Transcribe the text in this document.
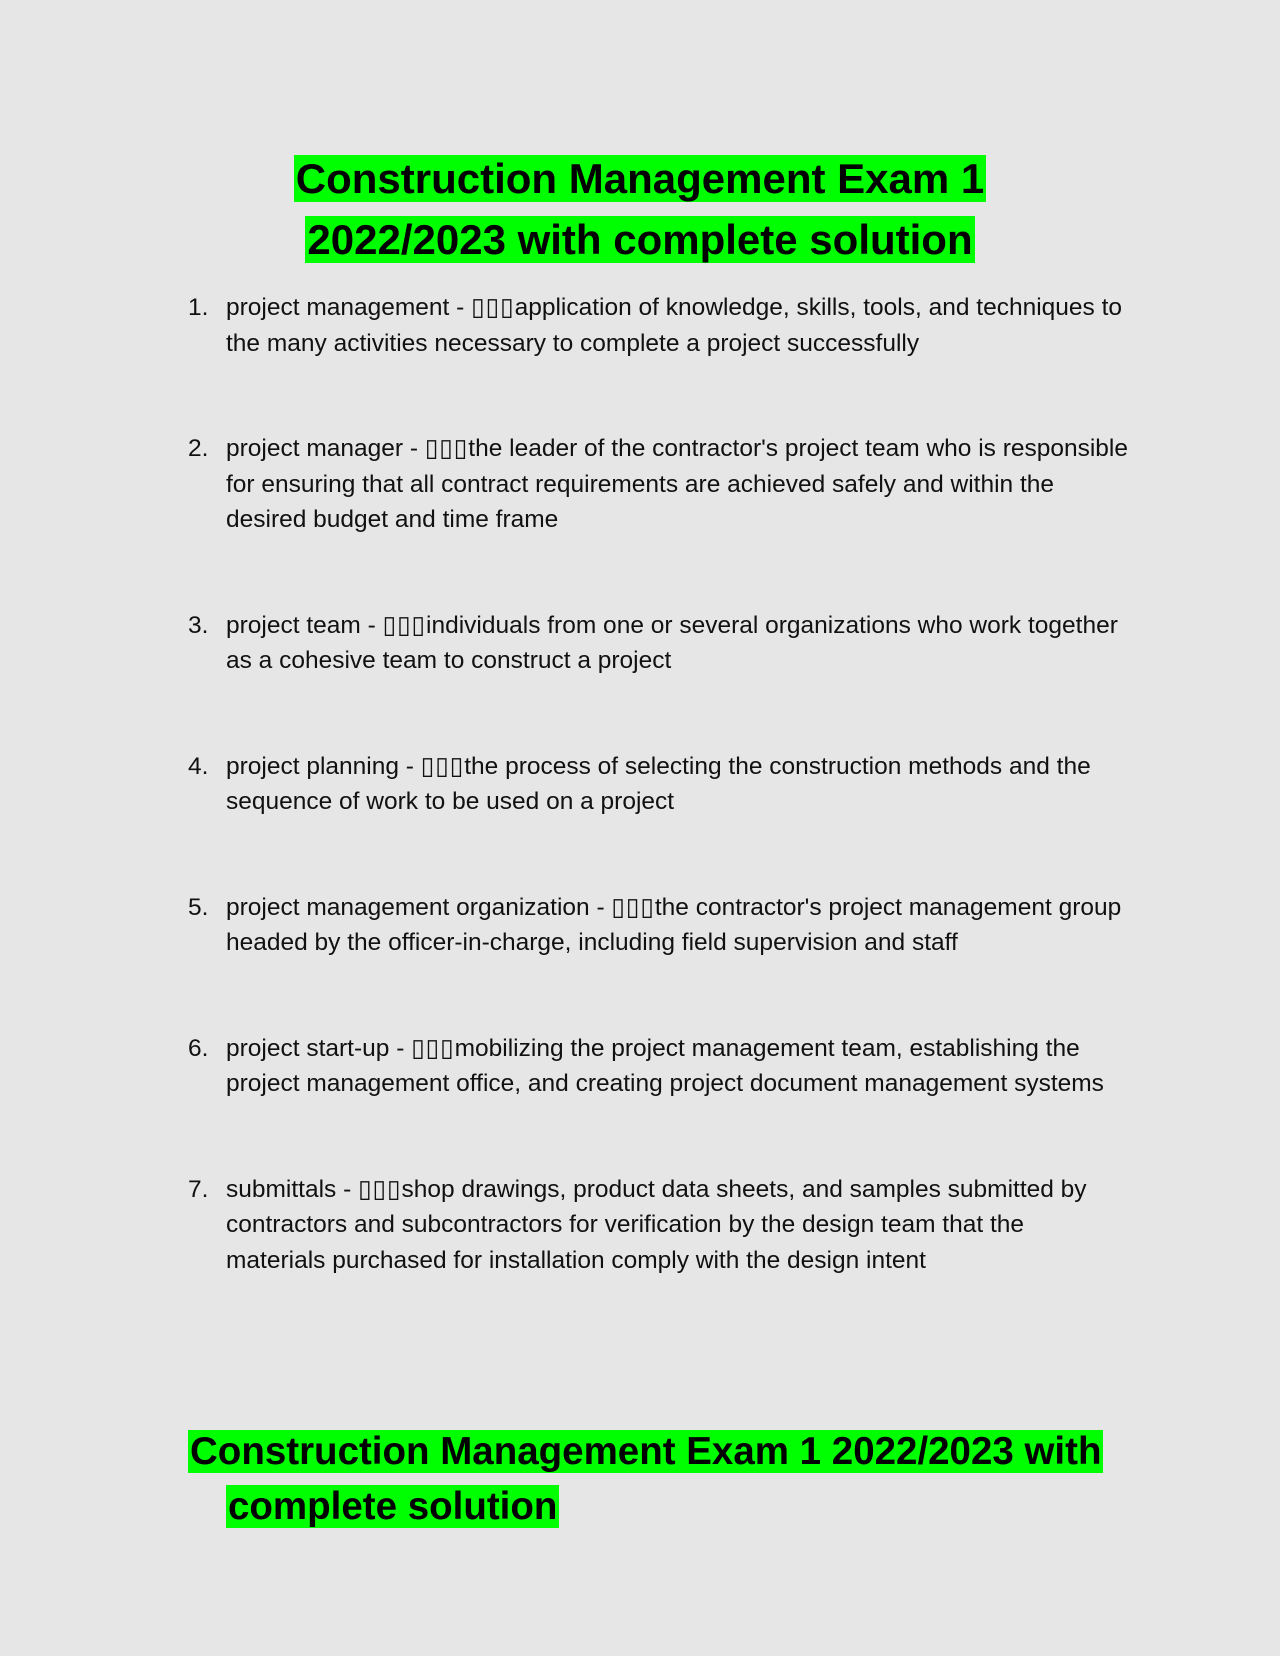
Construction Management Exam 1
2022/2023 with complete solution
1. project management - ▯▯▯application of knowledge, skills, tools, and techniques to the many activities necessary to complete a project successfully
2. project manager - ▯▯▯the leader of the contractor's project team who is responsible for ensuring that all contract requirements are achieved safely and within the desired budget and time frame
3. project team - ▯▯▯individuals from one or several organizations who work together as a cohesive team to construct a project
4. project planning - ▯▯▯the process of selecting the construction methods and the sequence of work to be used on a project
5. project management organization - ▯▯▯the contractor's project management group headed by the officer-in-charge, including field supervision and staff
6. project start-up - ▯▯▯mobilizing the project management team, establishing the project management office, and creating project document management systems
7. submittals - ▯▯▯shop drawings, product data sheets, and samples submitted by contractors and subcontractors for verification by the design team that the materials purchased for installation comply with the design intent
Construction Management Exam 1 2022/2023 with
complete solution
